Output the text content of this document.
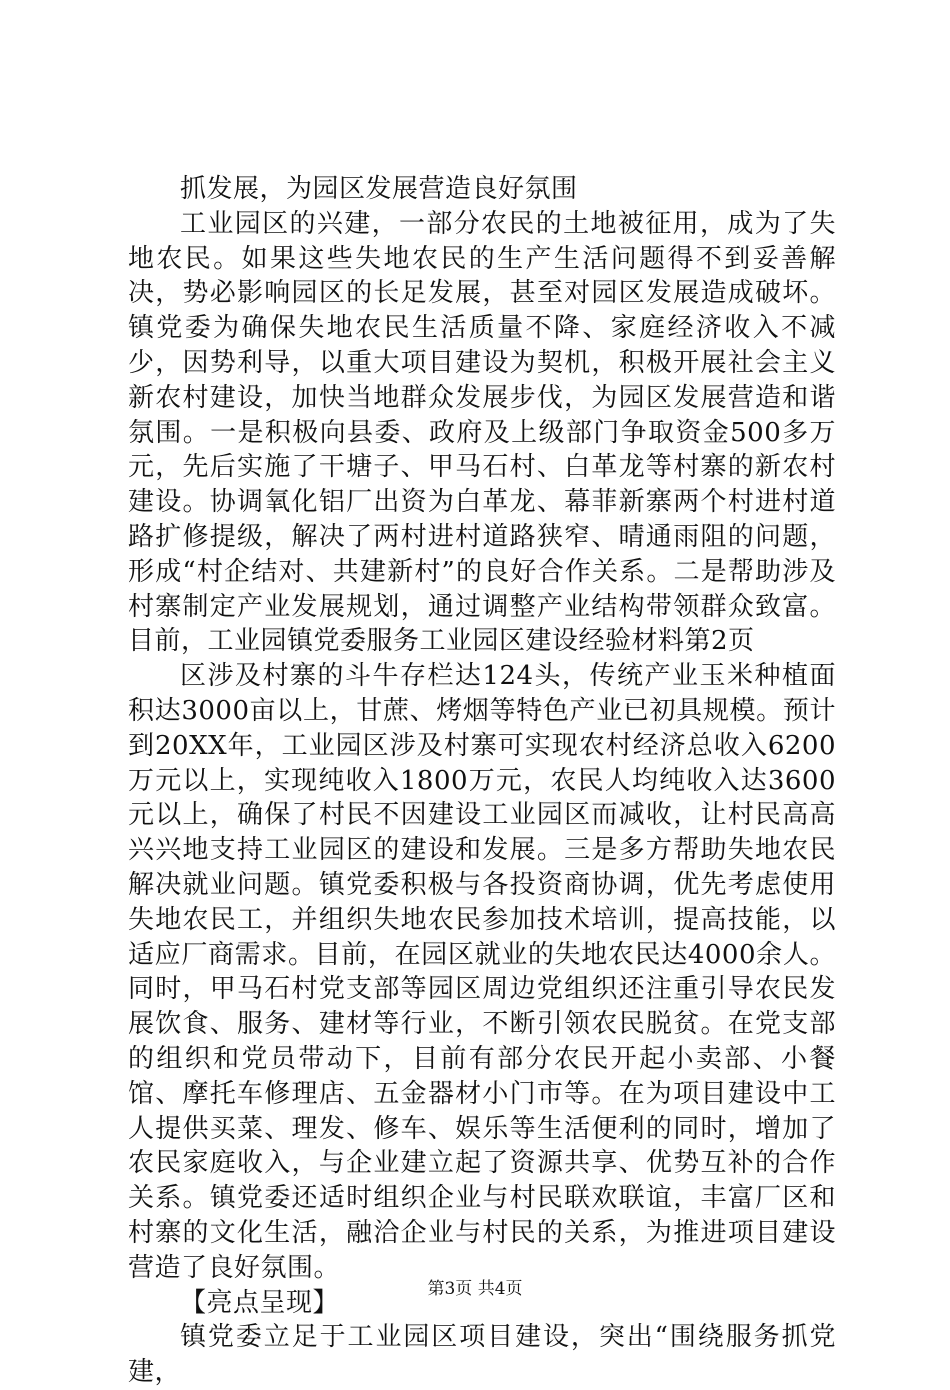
抓发展，为园区发展营造良好氛围

工业园区的兴建，一部分农民的土地被征用，成为了失地农民。如果这些失地农民的生产生活问题得不到妥善解决，势必影响园区的长足发展，甚至对园区发展造成破坏。镇党委为确保失地农民生活质量不降、家庭经济收入不减少，因势利导，以重大项目建设为契机，积极开展社会主义新农村建设，加快当地群众发展步伐，为园区发展营造和谐氛围。一是积极向县委、政府及上级部门争取资金500多万元，先后实施了干塘子、甲马石村、白革龙等村寨的新农村建设。协调氧化铝厂出资为白革龙、幕菲新寨两个村进村道路扩修提级，解决了两村进村道路狭窄、晴通雨阻的问题，形成“村企结对、共建新村”的良好合作关系。二是帮助涉及村寨制定产业发展规划，通过调整产业结构带领群众致富。目前，工业园镇党委服务工业园区建设经验材料第2页

区涉及村寨的斗牛存栏达124头，传统产业玉米种植面积达3000亩以上，甘蔗、烤烟等特色产业已初具规模。预计到20XX年，工业园区涉及村寨可实现农村经济总收入6200万元以上，实现纯收入1800万元，农民人均纯收入达3600元以上，确保了村民不因建设工业园区而减收，让村民高高兴兴地支持工业园区的建设和发展。三是多方帮助失地农民解决就业问题。镇党委积极与各投资商协调，优先考虑使用失地农民工，并组织失地农民参加技术培训，提高技能，以适应厂商需求。目前，在园区就业的失地农民达4000余人。同时，甲马石村党支部等园区周边党组织还注重引导农民发展饮食、服务、建材等行业，不断引领农民脱贫。在党支部的组织和党员带动下，目前有部分农民开起小卖部、小餐馆、摩托车修理店、五金器材小门市等。在为项目建设中工人提供买菜、理发、修车、娱乐等生活便利的同时，增加了农民家庭收入，与企业建立起了资源共享、优势互补的合作关系。镇党委还适时组织企业与村民联欢联谊，丰富厂区和村寨的文化生活，融洽企业与村民的关系，为推进项目建设营造了良好氛围。

【亮点呈现】

镇党委立足于工业园区项目建设，突出“围绕服务抓党建，

第3页 共4页
